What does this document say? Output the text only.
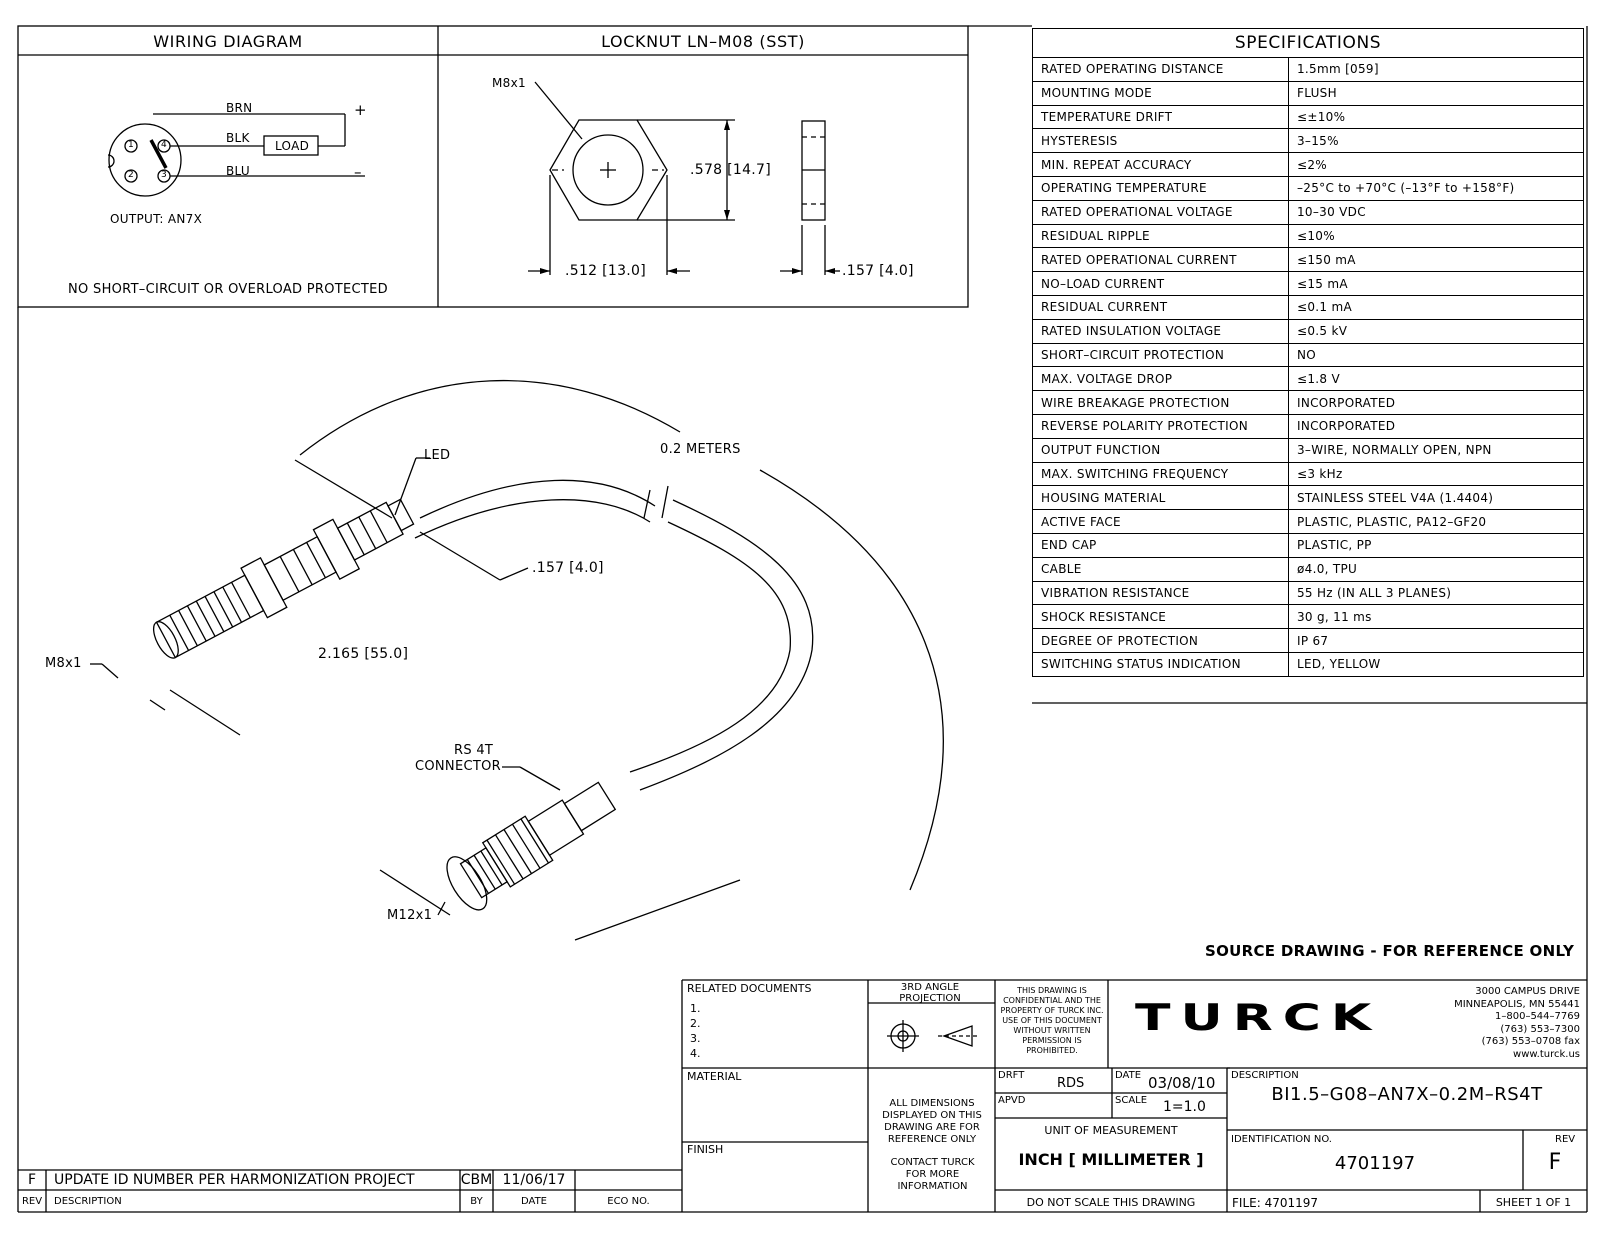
WIRING DIAGRAM	LOCKNUT LN–M08 (SST)
BRN
BLK
BLU
LOAD
+
–
1	4
2	3
OUTPUT: AN7X
NO SHORT–CIRCUIT OR OVERLOAD PROTECTED
M8x1
.578 [14.7]
.512 [13.0]	.157 [4.0]
SPECIFICATIONS	
RATED OPERATING DISTANCE	1.5mm [059]
MOUNTING MODE	FLUSH
TEMPERATURE DRIFT	≤±10%
HYSTERESIS	3–15%
MIN. REPEAT ACCURACY	≤2%
OPERATING TEMPERATURE	–25°C to +70°C (–13°F to +158°F)
RATED OPERATIONAL VOLTAGE	10–30 VDC
RESIDUAL RIPPLE	≤10%
RATED OPERATIONAL CURRENT	≤150 mA
NO–LOAD CURRENT	≤15 mA
RESIDUAL CURRENT	≤0.1 mA
RATED INSULATION VOLTAGE	≤0.5 kV
SHORT–CIRCUIT PROTECTION	NO
MAX. VOLTAGE DROP	≤1.8 V
WIRE BREAKAGE PROTECTION	INCORPORATED
REVERSE POLARITY PROTECTION	INCORPORATED
OUTPUT FUNCTION	3–WIRE, NORMALLY OPEN, NPN
MAX. SWITCHING FREQUENCY	≤3 kHz
HOUSING MATERIAL	STAINLESS STEEL V4A (1.4404)
ACTIVE FACE	PLASTIC, PLASTIC, PA12–GF20
END CAP	PLASTIC, PP
CABLE	ø4.0, TPU
VIBRATION RESISTANCE	55 Hz (IN ALL 3 PLANES)
SHOCK RESISTANCE	30 g, 11 ms
DEGREE OF PROTECTION	IP 67
SWITCHING STATUS INDICATION	LED, YELLOW
LED	0.2 METERS
.157 [4.0]
2.165 [55.0]
M8x1
RS 4T
CONNECTOR
M12x1
SOURCE DRAWING - FOR REFERENCE ONLY
RELATED DOCUMENTS
1.
2.
3.
4.
MATERIAL
FINISH
3RD ANGLE PROJECTION
ALL DIMENSIONS DISPLAYED ON THIS DRAWING ARE FOR REFERENCE ONLY
CONTACT TURCK FOR MORE INFORMATION
THIS DRAWING IS CONFIDENTIAL AND THE PROPERTY OF TURCK INC. USE OF THIS DOCUMENT WITHOUT WRITTEN PERMISSION IS PROHIBITED.
TURCK
3000 CAMPUS DRIVE
MINNEAPOLIS, MN 55441
1–800–544–7769
(763) 553–7300
(763) 553–0708 fax
www.turck.us
DRFT
RDS
DATE 03/08/10
APVD	SCALE 1=1.0
UNIT OF MEASUREMENT
INCH [ MILLIMETER ]
DO NOT SCALE THIS DRAWING
DESCRIPTION
BI1.5–G08–AN7X–0.2M–RS4T
IDENTIFICATION NO.
4701197
REV
F
FILE: 4701197	SHEET 1 OF 1
F	UPDATE ID NUMBER PER HARMONIZATION PROJECT	CBM 11/06/17
REV	DESCRIPTION	BY	DATE	ECO NO.
